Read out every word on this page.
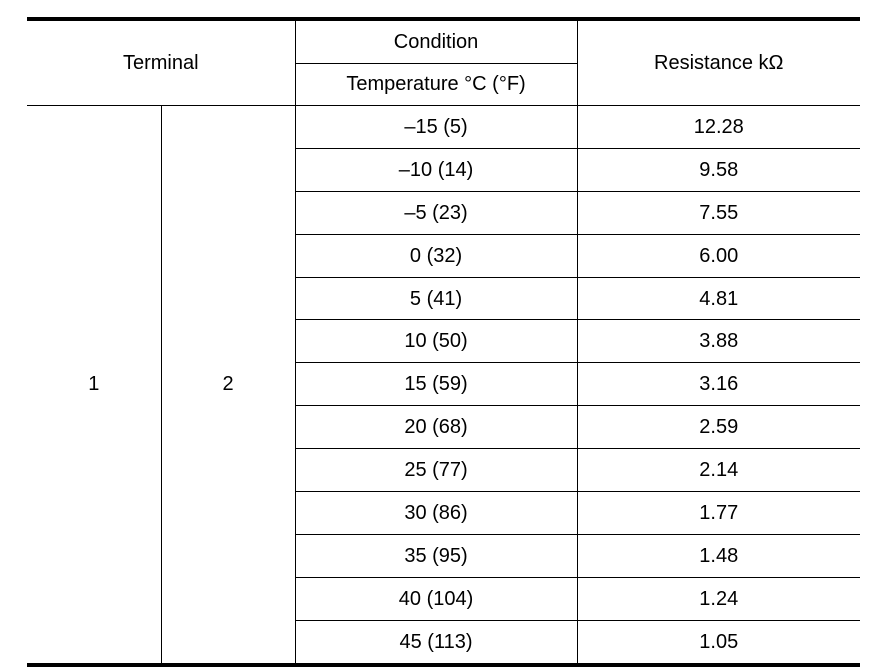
Terminal		Condition	Resistance kΩ
		Temperature °C (°F)	
1	2	–15 (5)	12.28
		–10 (14)	9.58
		–5 (23)	7.55
		0 (32)	6.00
		5 (41)	4.81
		10 (50)	3.88
		15 (59)	3.16
		20 (68)	2.59
		25 (77)	2.14
		30 (86)	1.77
		35 (95)	1.48
		40 (104)	1.24
		45 (113)	1.05
